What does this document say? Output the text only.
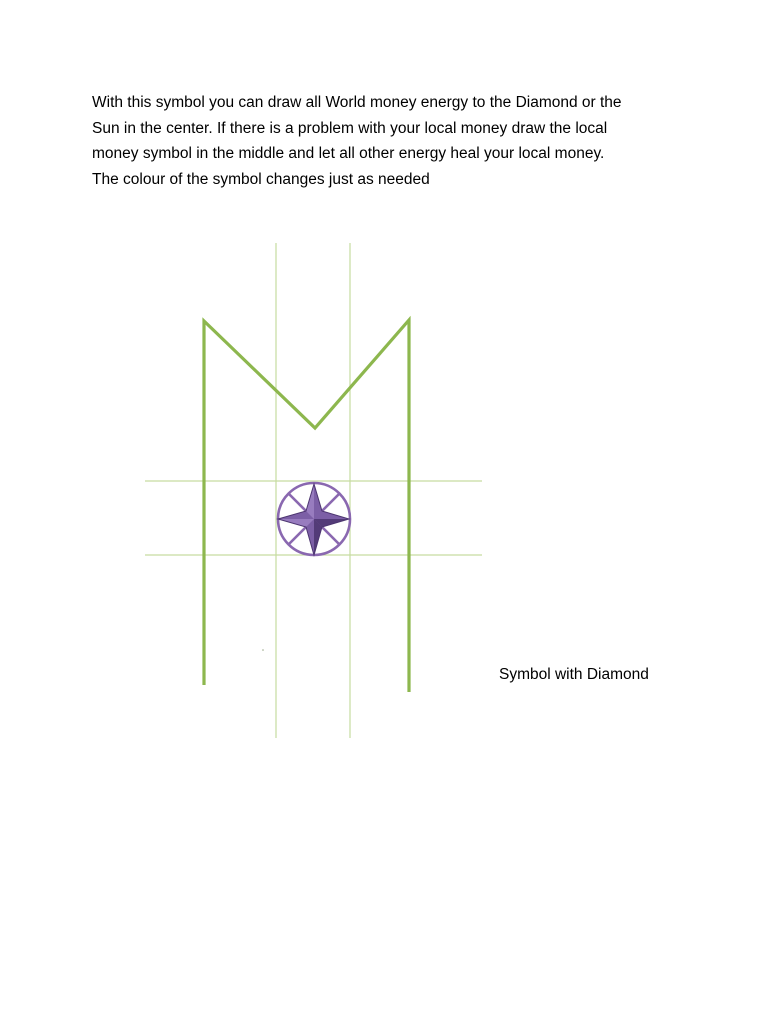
With this symbol you can draw all World money energy to the Diamond or the
Sun in the center. If there is a problem with your local money draw the local
money symbol in the middle and let all other energy heal your local money.
The colour of the symbol changes just as needed
Symbol with Diamond
